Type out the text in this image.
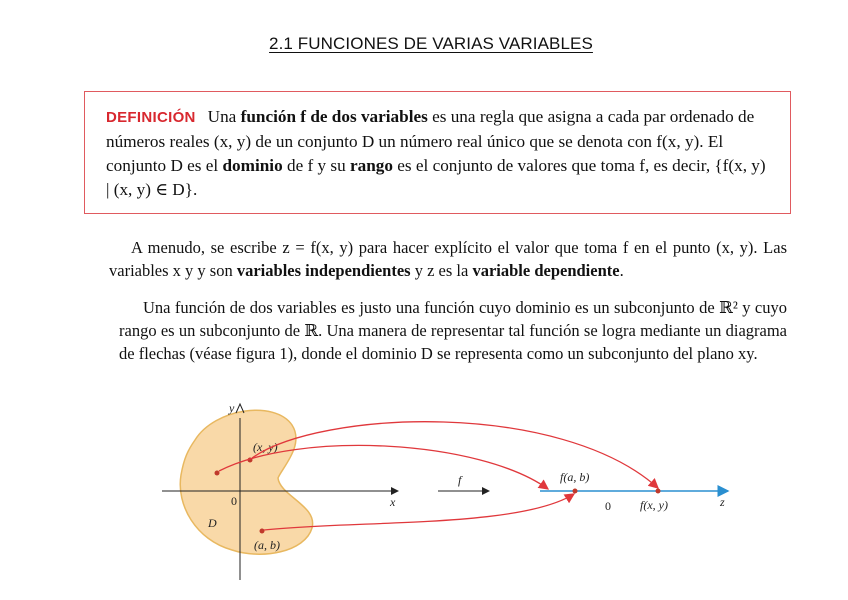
2.1 FUNCIONES DE VARIAS VARIABLES
DEFINICIÓN Una función f de dos variables es una regla que asigna a cada par ordenado de números reales (x, y) de un conjunto D un número real único que se denota con f(x, y). El conjunto D es el dominio de f y su rango es el conjunto de valores que toma f, es decir, {f(x, y) | (x, y) ∈ D}.
A menudo, se escribe z = f(x, y) para hacer explícito el valor que toma f en el punto (x, y). Las variables x y y son variables independientes y z es la variable dependiente.
Una función de dos variables es justo una función cuyo dominio es un subconjunto de ℝ² y cuyo rango es un subconjunto de ℝ. Una manera de representar tal función se logra mediante un diagrama de flechas (véase figura 1), donde el dominio D se representa como un subconjunto del plano xy.
y
x
0
D
(x, y)
(a, b)
f
z
0
f(a, b)
f(x, y)
